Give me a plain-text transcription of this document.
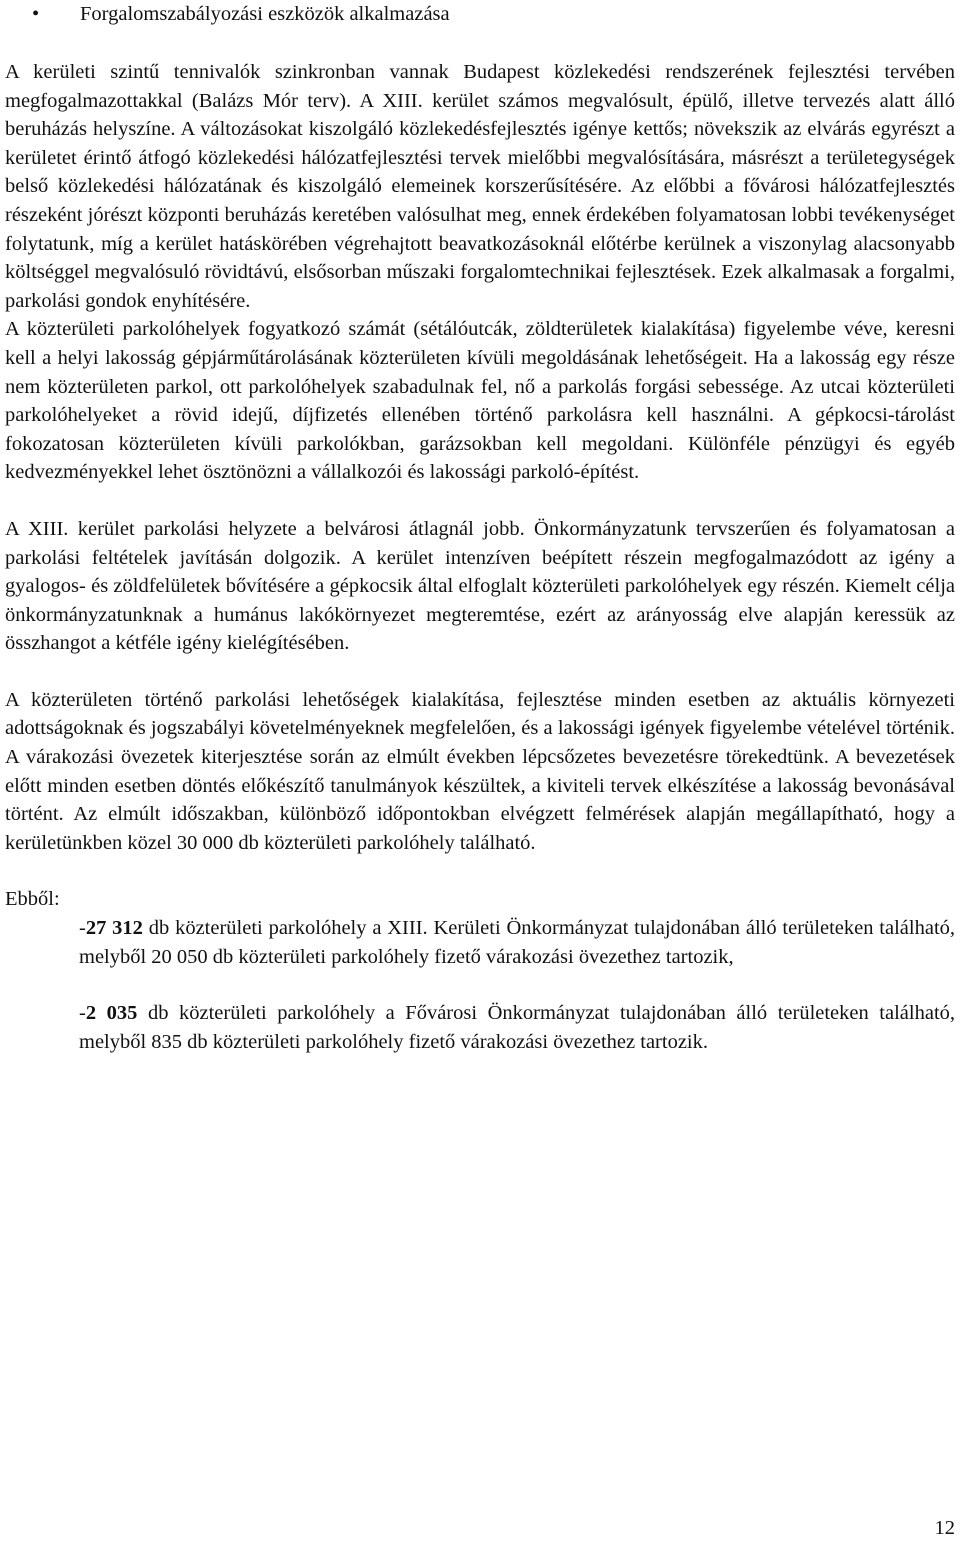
• Forgalomszabályozási eszközök alkalmazása

A kerületi szintű tennivalók szinkronban vannak Budapest közlekedési rendszerének fejlesztési tervében megfogalmazottakkal (Balázs Mór terv). A XIII. kerület számos megvalósult, épülő, illetve tervezés alatt álló beruházás helyszíne. A változásokat kiszolgáló közlekedésfejlesztés igénye kettős; növekszik az elvárás egyrészt a kerületet érintő átfogó közlekedési hálózatfejlesztési tervek mielőbbi megvalósítására, másrészt a területegységek belső közlekedési hálózatának és kiszolgáló elemeinek korszerűsítésére. Az előbbi a fővárosi hálózatfejlesztés részeként jórészt központi beruházás keretében valósulhat meg, ennek érdekében folyamatosan lobbi tevékenységet folytatunk, míg a kerület hatáskörében végrehajtott beavatkozásoknál előtérbe kerülnek a viszonylag alacsonyabb költséggel megvalósuló rövidtávú, elsősorban műszaki forgalomtechnikai fejlesztések. Ezek alkalmasak a forgalmi, parkolási gondok enyhítésére.

A közterületi parkolóhelyek fogyatkozó számát (sétálóutcák, zöldterületek kialakítása) figyelembe véve, keresni kell a helyi lakosság gépjárműtárolásának közterületen kívüli megoldásának lehetőségeit. Ha a lakosság egy része nem közterületen parkol, ott parkolóhelyek szabadulnak fel, nő a parkolás forgási sebessége. Az utcai közterületi parkolóhelyeket a rövid idejű, díjfizetés ellenében történő parkolásra kell használni. A gépkocsi-tárolást fokozatosan közterületen kívüli parkolókban, garázsokban kell megoldani. Különféle pénzügyi és egyéb kedvezményekkel lehet ösztönözni a vállalkozói és lakossági parkoló-építést.

A XIII. kerület parkolási helyzete a belvárosi átlagnál jobb. Önkormányzatunk tervszerűen és folyamatosan a parkolási feltételek javításán dolgozik. A kerület intenzíven beépített részein megfogalmazódott az igény a gyalogos- és zöldfelületek bővítésére a gépkocsik által elfoglalt közterületi parkolóhelyek egy részén. Kiemelt célja önkormányzatunknak a humánus lakókörnyezet megteremtése, ezért az arányosság elve alapján keressük az összhangot a kétféle igény kielégítésében.

A közterületen történő parkolási lehetőségek kialakítása, fejlesztése minden esetben az aktuális környezeti adottságoknak és jogszabályi követelményeknek megfelelően, és a lakossági igények figyelembe vételével történik. A várakozási övezetek kiterjesztése során az elmúlt években lépcsőzetes bevezetésre törekedtünk. A bevezetések előtt minden esetben döntés előkészítő tanulmányok készültek, a kiviteli tervek elkészítése a lakosság bevonásával történt. Az elmúlt időszakban, különböző időpontokban elvégzett felmérések alapján megállapítható, hogy a kerületünkben közel 30 000 db közterületi parkolóhely található.

Ebből:

-27 312 db közterületi parkolóhely a XIII. Kerületi Önkormányzat tulajdonában álló területeken található, melyből 20 050 db közterületi parkolóhely fizető várakozási övezethez tartozik,
-2 035 db közterületi parkolóhely a Fővárosi Önkormányzat tulajdonában álló területeken található, melyből 835 db közterületi parkolóhely fizető várakozási övezethez tartozik.
12
